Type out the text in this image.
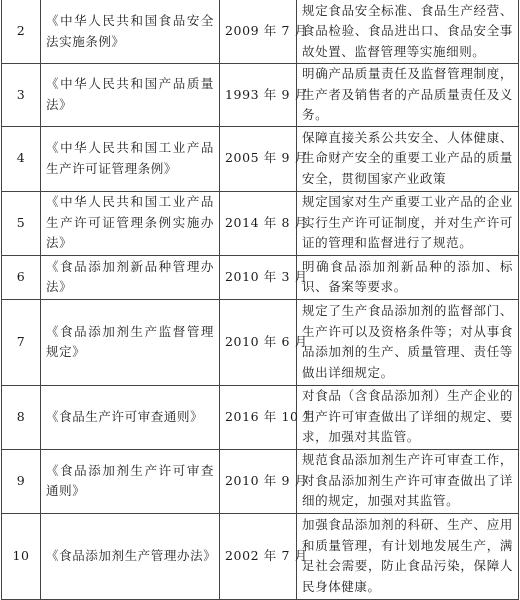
2	《中华人民共和国食品安全法实施条例》	2009 年 7 月	规定食品安全标准、食品生产经营、食品检验、食品进出口、食品安全事故处置、监督管理等实施细则。
3	《中华人民共和国产品质量法》	1993 年 9 月	明确产品质量责任及监督管理制度，生产者及销售者的产品质量责任及义务。
4	《中华人民共和国工业产品生产许可证管理条例》	2005 年 9 月	保障直接关系公共安全、人体健康、生命财产安全的重要工业产品的质量安全，贯彻国家产业政策
5	《中华人民共和国工业产品生产许可证管理条例实施办法》	2014 年 8 月	规定国家对生产重要工业产品的企业实行生产许可证制度，并对生产许可证的管理和监督进行了规范。
6	《食品添加剂新品种管理办法》	2010 年 3 月	明确食品添加剂新品种的添加、标识、备案等要求。
7	《食品添加剂生产监督管理规定》	2010 年 6 月	规定了生产食品添加剂的监督部门、生产许可以及资格条件等；对从事食品添加剂的生产、质量管理、责任等做出详细规定。
8	《食品生产许可审查通则》	2016 年 10 月	对食品（含食品添加剂）生产企业的生产许可审查做出了详细的规定、要求，加强对其监管。
9	《食品添加剂生产许可审查通则》	2010 年 9 月	规范食品添加剂生产许可审查工作，对食品添加剂生产许可审查做出了详细的规定，加强对其监管。
10	《食品添加剂生产管理办法》	2002 年 7 月	加强食品添加剂的科研、生产、应用和质量管理，有计划地发展生产，满足社会需要，防止食品污染，保障人民身体健康。
